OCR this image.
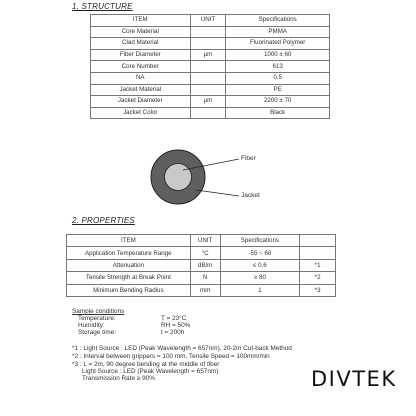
1. STRUCTURE
ITEM	UNIT	Specifications
Core Material		PMMA
Clad Material		Fluorinated Polymer
Fiber Diameter	μm	1000 ± 60
Core Number		613
NA		0.5
Jacket Material		PE
Jacket Diameter	μm	2200 ± 70
Jacket Color		Black
Fiber
Jacket
2. PROPERTIES
ITEM	UNIT	Specifications	
Application Temperature Range	°C	-55 ~ 60	
Attenuation	dB/m	≤ 0.6	*1
Tensile Strength at Break Point	N	≥ 80	*2
Minimum Bending Radius	mm	1	*3
Sample conditions
Temperature:	T = 23°C
Humidity:	RH = 50%
Storage time:	t = 200h
*1 : Light Source : LED (Peak Wavelength = 657nm), 20-2m Cut-back Method
*2 : Interval between grippers = 100 mm, Tensile Speed = 100mm/min
*3 : L = 2m, 90 degree bending at the middle of fiber
Light Source : LED (Peak Wavelength = 657nm)
Transmission Rate ≥ 90%	DIVTEK
